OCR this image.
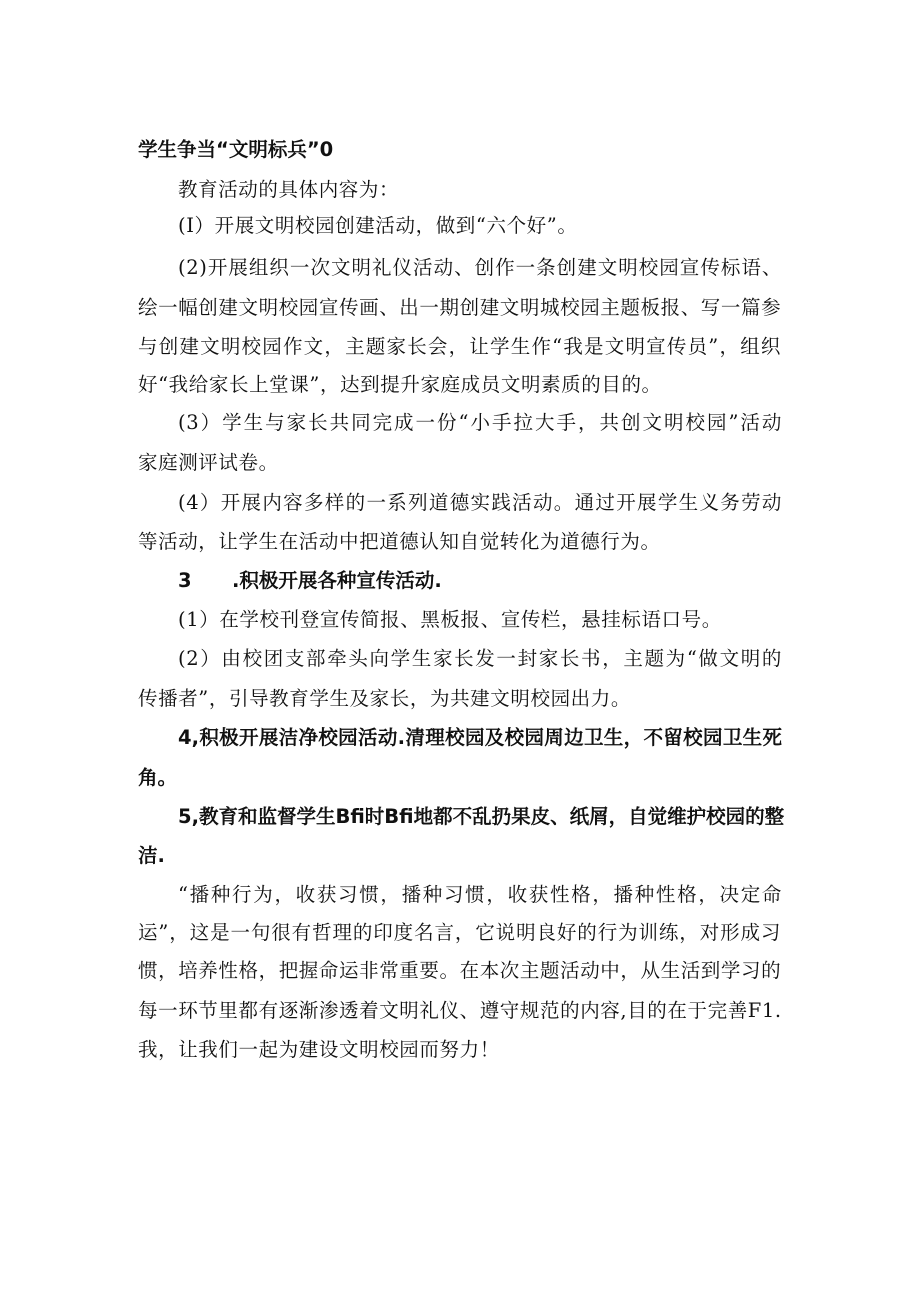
学生争当“文明标兵”0
教育活动的具体内容为：
(I）开展文明校园创建活动，做到“六个好”。
(2)开展组织一次文明礼仪活动、创作一条创建文明校园宣传标语、
绘一幅创建文明校园宣传画、出一期创建文明城校园主题板报、写一篇参
与创建文明校园作文，主题家长会，让学生作“我是文明宣传员”，组织
好“我给家长上堂课”，达到提升家庭成员文明素质的目的。
(3）学生与家长共同完成一份“小手拉大手，共创文明校园”活动
家庭测评试卷。
(4）开展内容多样的一系列道德实践活动。通过开展学生义务劳动
等活动，让学生在活动中把道德认知自觉转化为道德行为。
3 .积极开展各种宣传活动.
(1）在学校刊登宣传简报、黑板报、宣传栏，悬挂标语口号。
(2）由校团支部牵头向学生家长发一封家长书，主题为“做文明的
传播者”，引导教育学生及家长，为共建文明校园出力。
4,积极开展洁净校园活动.清理校园及校园周边卫生，不留校园卫生死
角。
5,教育和监督学生Bfi时Bfi地都不乱扔果皮、纸屑，自觉维护校园的整
洁.
“播种行为，收获习惯，播种习惯，收获性格，播种性格，决定命
运”，这是一句很有哲理的印度名言，它说明良好的行为训练，对形成习
惯，培养性格，把握命运非常重要。在本次主题活动中，从生活到学习的
每一环节里都有逐渐渗透着文明礼仪、遵守规范的内容,目的在于完善F1.
我，让我们一起为建设文明校园而努力！
